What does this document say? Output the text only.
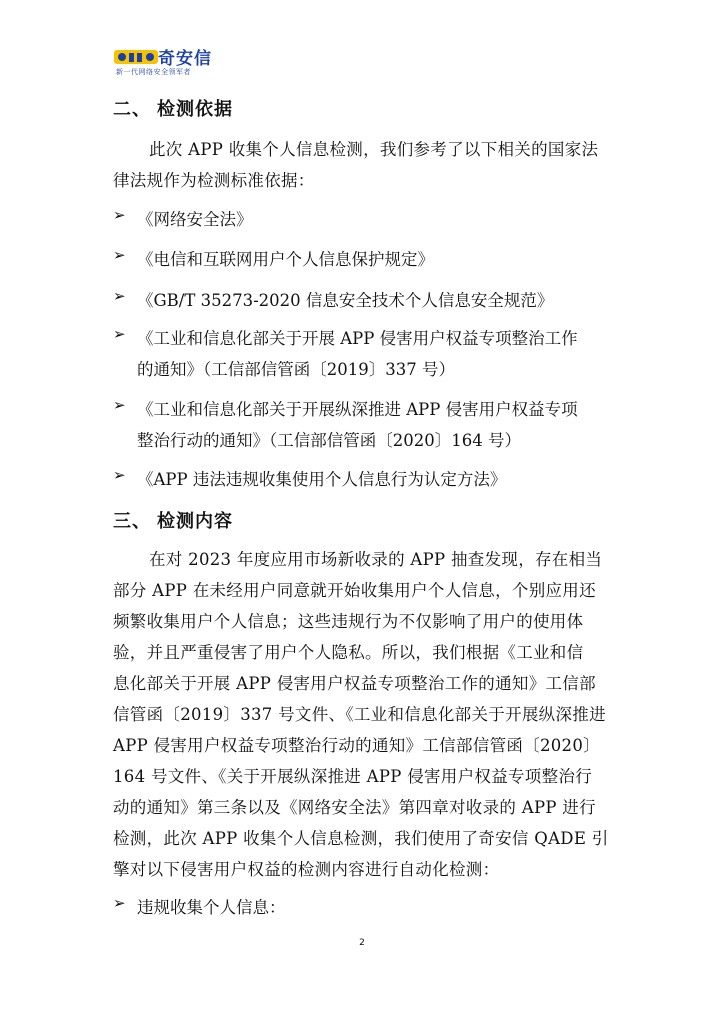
奇安信
新一代网络安全领军者
二、 检测依据
此次 APP 收集个人信息检测，我们参考了以下相关的国家法
律法规作为检测标准依据：
➢ 《网络安全法》
➢ 《电信和互联网用户个人信息保护规定》
➢ 《GB/T 35273-2020 信息安全技术个人信息安全规范》
➢ 《工业和信息化部关于开展 APP 侵害用户权益专项整治工作
的通知》（工信部信管函〔2019〕337 号）
➢ 《工业和信息化部关于开展纵深推进 APP 侵害用户权益专项
整治行动的通知》（工信部信管函〔2020〕164 号）
➢ 《APP 违法违规收集使用个人信息行为认定方法》
三、 检测内容
在对 2023 年度应用市场新收录的 APP 抽查发现，存在相当
部分 APP 在未经用户同意就开始收集用户个人信息，个别应用还
频繁收集用户个人信息；这些违规行为不仅影响了用户的使用体
验，并且严重侵害了用户个人隐私。所以，我们根据《工业和信
息化部关于开展 APP 侵害用户权益专项整治工作的通知》工信部
信管函〔2019〕337 号文件、《工业和信息化部关于开展纵深推进
APP 侵害用户权益专项整治行动的通知》工信部信管函〔2020〕
164 号文件、《关于开展纵深推进 APP 侵害用户权益专项整治行
动的通知》第三条以及《网络安全法》第四章对收录的 APP 进行
检测，此次 APP 收集个人信息检测，我们使用了奇安信 QADE 引
擎对以下侵害用户权益的检测内容进行自动化检测：
➢ 违规收集个人信息：
2
